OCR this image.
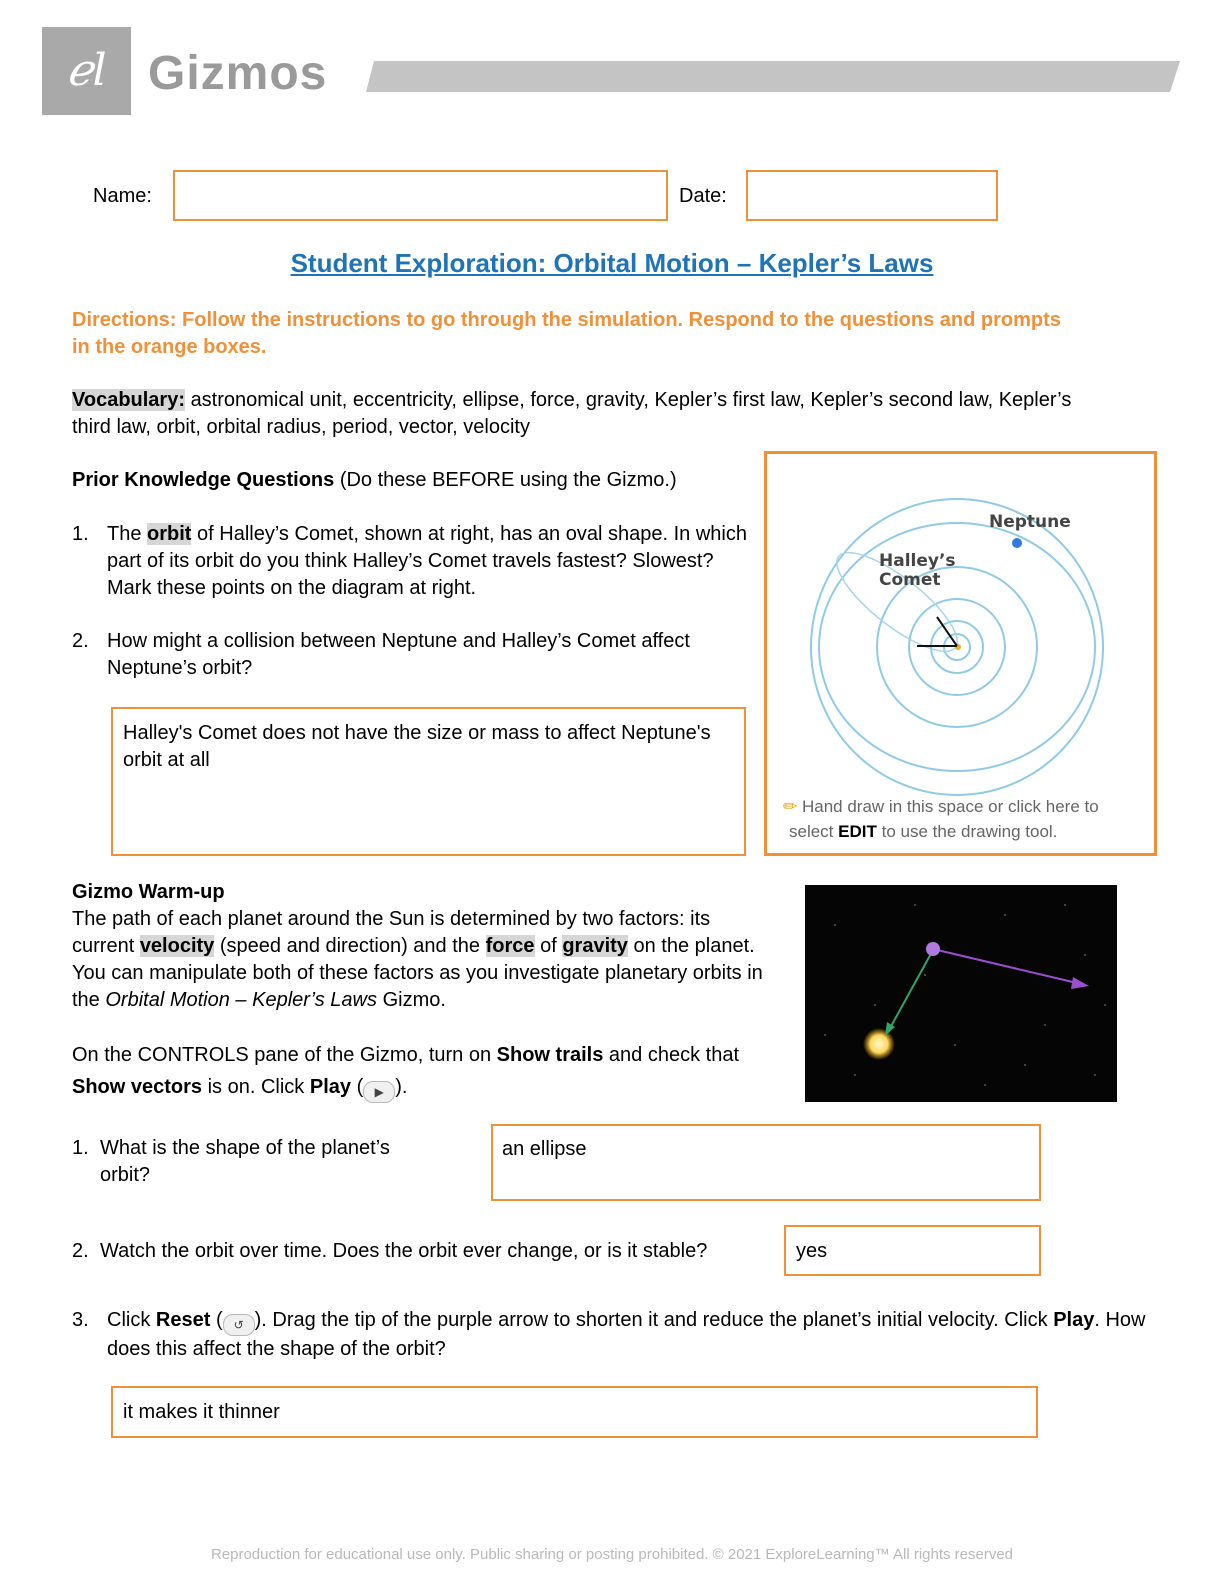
ℯl Gizmos
Name:	Date:
Student Exploration: Orbital Motion – Kepler’s Laws
Directions: Follow the instructions to go through the simulation. Respond to the questions and prompts in the orange boxes.
Vocabulary: astronomical unit, eccentricity, ellipse, force, gravity, Kepler’s first law, Kepler’s second law, Kepler’s third law, orbit, orbital radius, period, vector, velocity
Prior Knowledge Questions (Do these BEFORE using the Gizmo.)
1. The orbit of Halley’s Comet, shown at right, has an oval shape. In which part of its orbit do you think Halley’s Comet travels fastest? Slowest? Mark these points on the diagram at right.
2. How might a collision between Neptune and Halley’s Comet affect Neptune’s orbit?
Halley's Comet does not have the size or mass to affect Neptune's orbit at all
Neptune
Halley’s
Comet
✏ Hand draw in this space or click here to
select EDIT to use the drawing tool.
Gizmo Warm-up
The path of each planet around the Sun is determined by two factors: its current velocity (speed and direction) and the force of gravity on the planet. You can manipulate both of these factors as you investigate planetary orbits in the Orbital Motion – Kepler’s Laws Gizmo.
On the CONTROLS pane of the Gizmo, turn on Show trails and check that Show vectors is on. Click Play ( ▶ ).
1. What is the shape of the planet’s orbit?
an ellipse
2. Watch the orbit over time. Does the orbit ever change, or is it stable?	yes
3. Click Reset ( ↺ ). Drag the tip of the purple arrow to shorten it and reduce the planet’s initial velocity. Click Play. How does this affect the shape of the orbit?
it makes it thinner
Reproduction for educational use only. Public sharing or posting prohibited. © 2021 ExploreLearning™ All rights reserved
